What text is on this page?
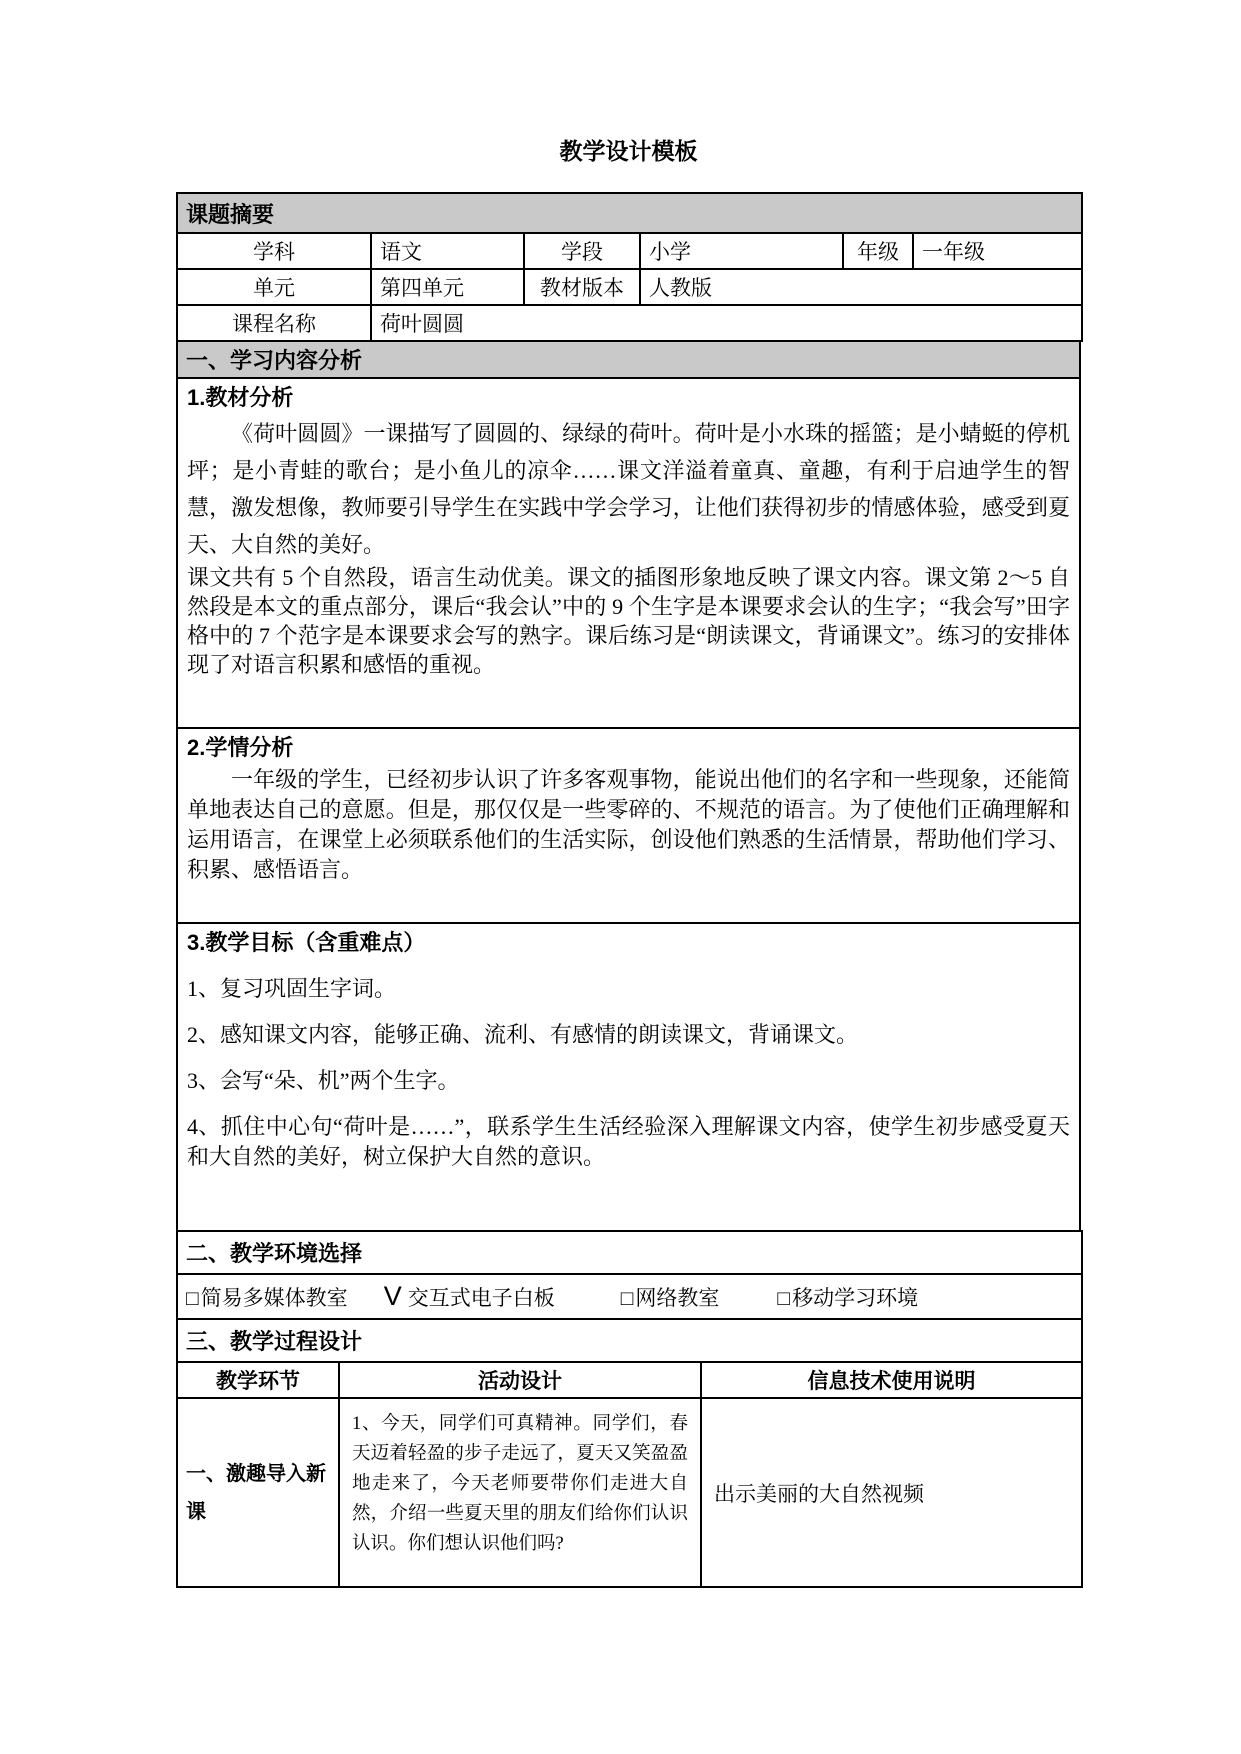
教学设计模板
课题摘要					
学科	语文	学段	小学	年级	一年级
单元	第四单元	教材版本	人教版		
课程名称	荷叶圆圆				
一、学习内容分析

1.教材分析

《荷叶圆圆》一课描写了圆圆的、绿绿的荷叶。荷叶是小水珠的摇篮；是小蜻蜓的停机坪；是小青蛙的歌台；是小鱼儿的凉伞……课文洋溢着童真、童趣，有利于启迪学生的智慧，激发想像，教师要引导学生在实践中学会学习，让他们获得初步的情感体验，感受到夏天、大自然的美好。

课文共有 5 个自然段，语言生动优美。课文的插图形象地反映了课文内容。课文第 2～5 自然段是本文的重点部分，课后“我会认”中的 9 个生字是本课要求会认的生字；“我会写”田字格中的 7 个范字是本课要求会写的熟字。课后练习是“朗读课文，背诵课文”。练习的安排体现了对语言积累和感悟的重视。

2.学情分析

一年级的学生，已经初步认识了许多客观事物，能说出他们的名字和一些现象，还能简单地表达自己的意愿。但是，那仅仅是一些零碎的、不规范的语言。为了使他们正确理解和运用语言，在课堂上必须联系他们的生活实际，创设他们熟悉的生活情景，帮助他们学习、积累、感悟语言。

3.教学目标（含重难点）

1、复习巩固生字词。

2、感知课文内容，能够正确、流利、有感情的朗读课文，背诵课文。

3、会写“朵、机”两个生字。

4、抓住中心句“荷叶是……”，联系学生生活经验深入理解课文内容，使学生初步感受夏天和大自然的美好，树立保护大自然的意识。

二、教学环境选择		

□简易多媒体教室 V 交互式电子白板 □网络教室 □移动学习环境		

三、教学过程设计		
教学环节	活动设计	信息技术使用说明
一、激趣导入新课	1、今天，同学们可真精神。同学们，春天迈着轻盈的步子走远了，夏天又笑盈盈地走来了，今天老师要带你们走进大自然，介绍一些夏天里的朋友们给你们认识认识。你们想认识他们吗?	出示美丽的大自然视频
